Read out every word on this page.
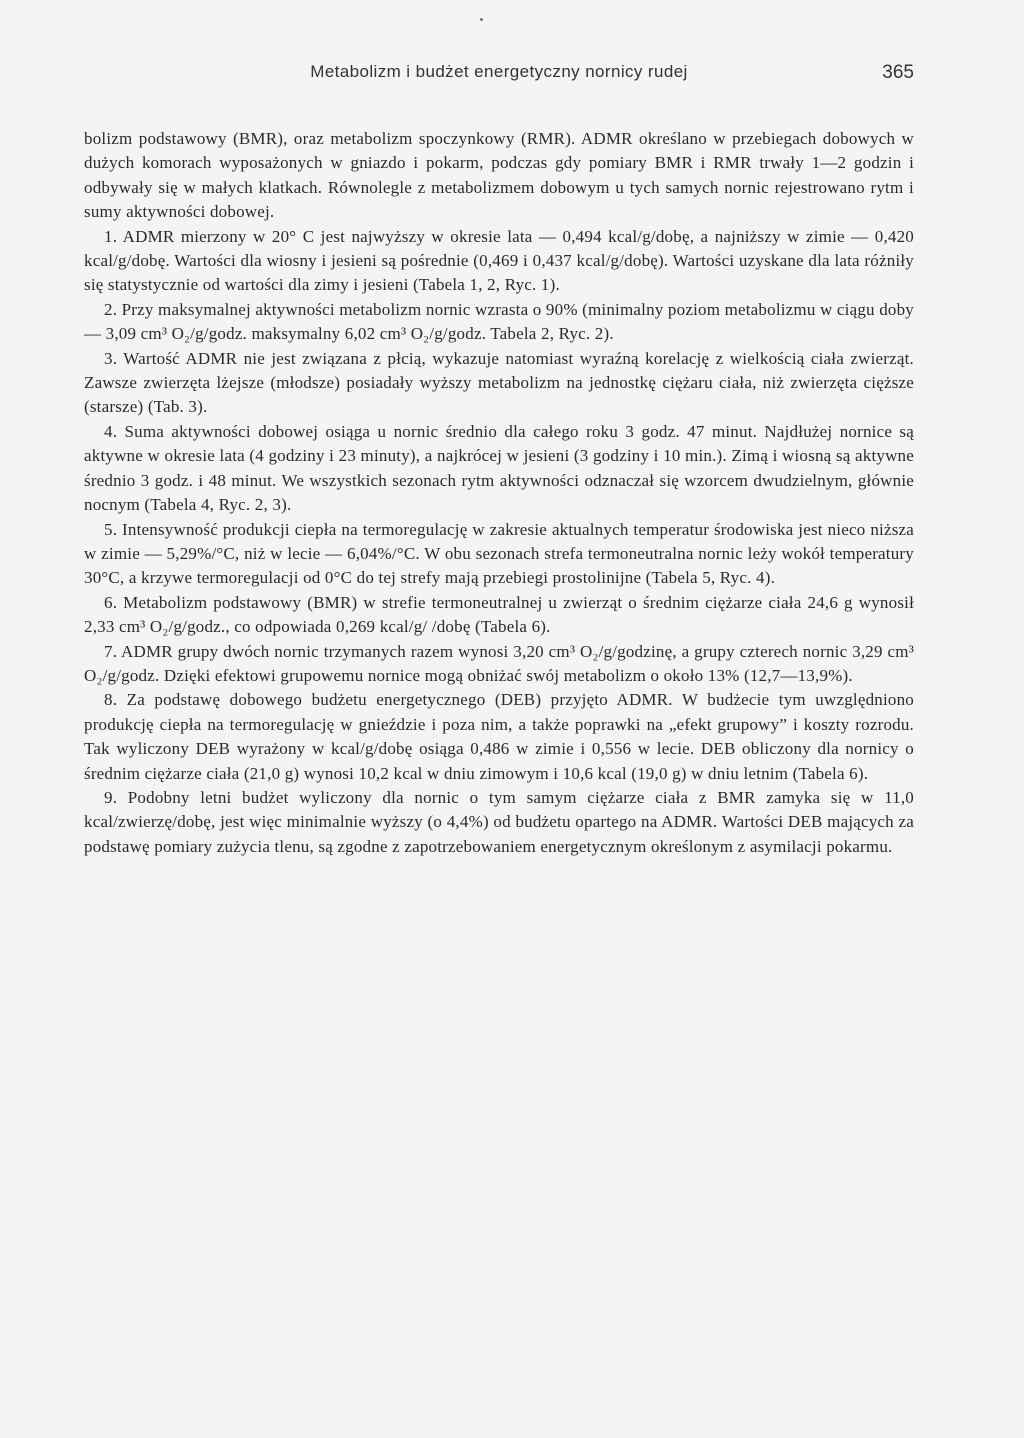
Metabolizm i budżet energetyczny nornicy rudej	365

bolizm podstawowy (BMR), oraz metabolizm spoczynkowy (RMR). ADMR określano w przebiegach dobowych w dużych komorach wyposażonych w gniazdo i pokarm, podczas gdy pomiary BMR i RMR trwały 1—2 godzin i odbywały się w małych klatkach. Równolegle z metabolizmem dobowym u tych samych nornic rejestrowano rytm i sumy aktywności dobowej.

1. ADMR mierzony w 20° C jest najwyższy w okresie lata — 0,494 kcal/g/dobę, a najniższy w zimie — 0,420 kcal/g/dobę. Wartości dla wiosny i jesieni są pośrednie (0,469 i 0,437 kcal/g/dobę). Wartości uzyskane dla lata różniły się statystycznie od wartości dla zimy i jesieni (Tabela 1, 2, Ryc. 1).

2. Przy maksymalnej aktywności metabolizm nornic wzrasta o 90% (minimalny poziom metabolizmu w ciągu doby — 3,09 cm³ O₂/g/godz. maksymalny 6,02 cm³ O₂/g/godz. Tabela 2, Ryc. 2).

3. Wartość ADMR nie jest związana z płcią, wykazuje natomiast wyraźną korelację z wielkością ciała zwierząt. Zawsze zwierzęta lżejsze (młodsze) posiadały wyższy metabolizm na jednostkę ciężaru ciała, niż zwierzęta cięższe (starsze) (Tab. 3).

4. Suma aktywności dobowej osiąga u nornic średnio dla całego roku 3 godz. 47 minut. Najdłużej nornice są aktywne w okresie lata (4 godziny i 23 minuty), a najkrócej w jesieni (3 godziny i 10 min.). Zimą i wiosną są aktywne średnio 3 godz. i 48 minut. We wszystkich sezonach rytm aktywności odznaczał się wzorcem dwudzielnym, głównie nocnym (Tabela 4, Ryc. 2, 3).

5. Intensywność produkcji ciepła na termoregulację w zakresie aktualnych temperatur środowiska jest nieco niższa w zimie — 5,29%/°C, niż w lecie — 6,04%/°C. W obu sezonach strefa termoneutralna nornic leży wokół temperatury 30°C, a krzywe termoregulacji od 0°C do tej strefy mają przebiegi prostolinijne (Tabela 5, Ryc. 4).

6. Metabolizm podstawowy (BMR) w strefie termoneutralnej u zwierząt o średnim ciężarze ciała 24,6 g wynosił 2,33 cm³ O₂/g/godz., co odpowiada 0,269 kcal/g/ /dobę (Tabela 6).

7. ADMR grupy dwóch nornic trzymanych razem wynosi 3,20 cm³ O₂/g/godzinę, a grupy czterech nornic 3,29 cm³ O₂/g/godz. Dzięki efektowi grupowemu nornice mogą obniżać swój metabolizm o około 13% (12,7—13,9%).

8. Za podstawę dobowego budżetu energetycznego (DEB) przyjęto ADMR. W budżecie tym uwzględniono produkcję ciepła na termoregulację w gnieździe i poza nim, a także poprawki na „efekt grupowy” i koszty rozrodu. Tak wyliczony DEB wyrażony w kcal/g/dobę osiąga 0,486 w zimie i 0,556 w lecie. DEB obliczony dla nornicy o średnim ciężarze ciała (21,0 g) wynosi 10,2 kcal w dniu zimowym i 10,6 kcal (19,0 g) w dniu letnim (Tabela 6).

9. Podobny letni budżet wyliczony dla nornic o tym samym ciężarze ciała z BMR zamyka się w 11,0 kcal/zwierzę/dobę, jest więc minimalnie wyższy (o 4,4%) od budżetu opartego na ADMR. Wartości DEB mających za podstawę pomiary zużycia tlenu, są zgodne z zapotrzebowaniem energetycznym określonym z asymilacji pokarmu.
